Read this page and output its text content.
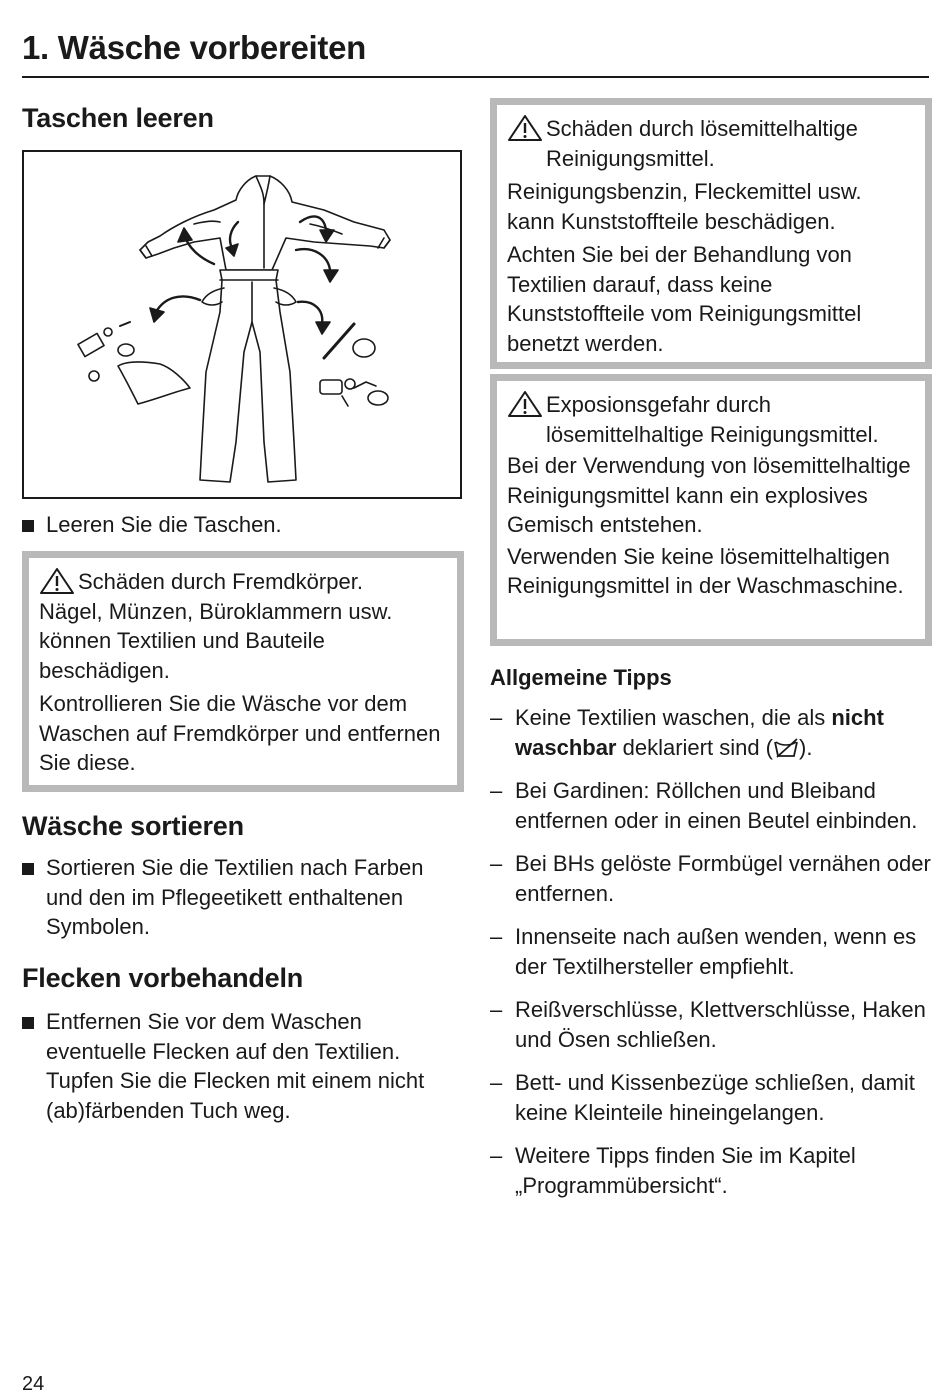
1. Wäsche vorbereiten
Taschen leeren
Leeren Sie die Taschen.

Schäden durch Fremdkörper.

Nägel, Münzen, Büroklammern usw. können Textilien und Bauteile beschädigen.

Kontrollieren Sie die Wäsche vor dem Waschen auf Fremdkörper und entfernen Sie diese.

Wäsche sortieren
Sortieren Sie die Textilien nach Farben und den im Pflegeetikett enthaltenen Symbolen.
Flecken vorbehandeln
Entfernen Sie vor dem Waschen eventuelle Flecken auf den Textilien. Tupfen Sie die Flecken mit einem nicht (ab)färbenden Tuch weg.

Schäden durch lösemittelhaltige Reinigungsmittel.

Reinigungsbenzin, Fleckemittel usw. kann Kunststoffteile beschädigen.

Achten Sie bei der Behandlung von Textilien darauf, dass keine Kunststoffteile vom Reinigungsmittel benetzt werden.

Exposionsgefahr durch lösemittelhaltige Reinigungsmittel.

Bei der Verwendung von lösemittelhaltige Reinigungsmittel kann ein explosives Gemisch entstehen.

Verwenden Sie keine lösemittelhaltigen Reinigungsmittel in der Waschmaschine.

Allgemeine Tipps

– Keine Textilien waschen, die als nicht waschbar deklariert sind ( ).
– Bei Gardinen: Röllchen und Bleiband entfernen oder in einen Beutel einbinden.
– Bei BHs gelöste Formbügel vernähen oder entfernen.
– Innenseite nach außen wenden, wenn es der Textilhersteller empfiehlt.
– Reißverschlüsse, Klettverschlüsse, Haken und Ösen schließen.
– Bett- und Kissenbezüge schließen, damit keine Kleinteile hineingelangen.
– Weitere Tipps finden Sie im Kapitel „Programmübersicht“.

24
